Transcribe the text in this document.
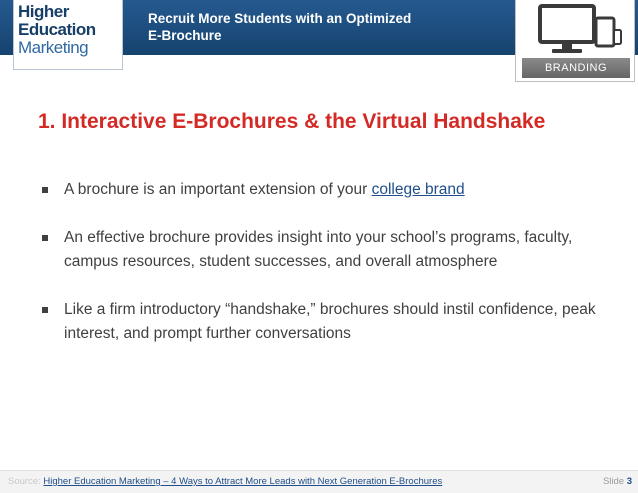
Higher
Education
Marketing
Recruit More Students with an Optimized
E-Brochure
BRANDING
1. Interactive E-Brochures & the Virtual Handshake
A brochure is an important extension of your college brand
An effective brochure provides insight into your school’s programs, faculty, campus resources, student successes, and overall atmosphere
Like a firm introductory “handshake,” brochures should instil confidence, peak interest, and prompt further conversations
Source: Higher Education Marketing – 4 Ways to Attract More Leads with Next Generation E-Brochures	Slide 3
